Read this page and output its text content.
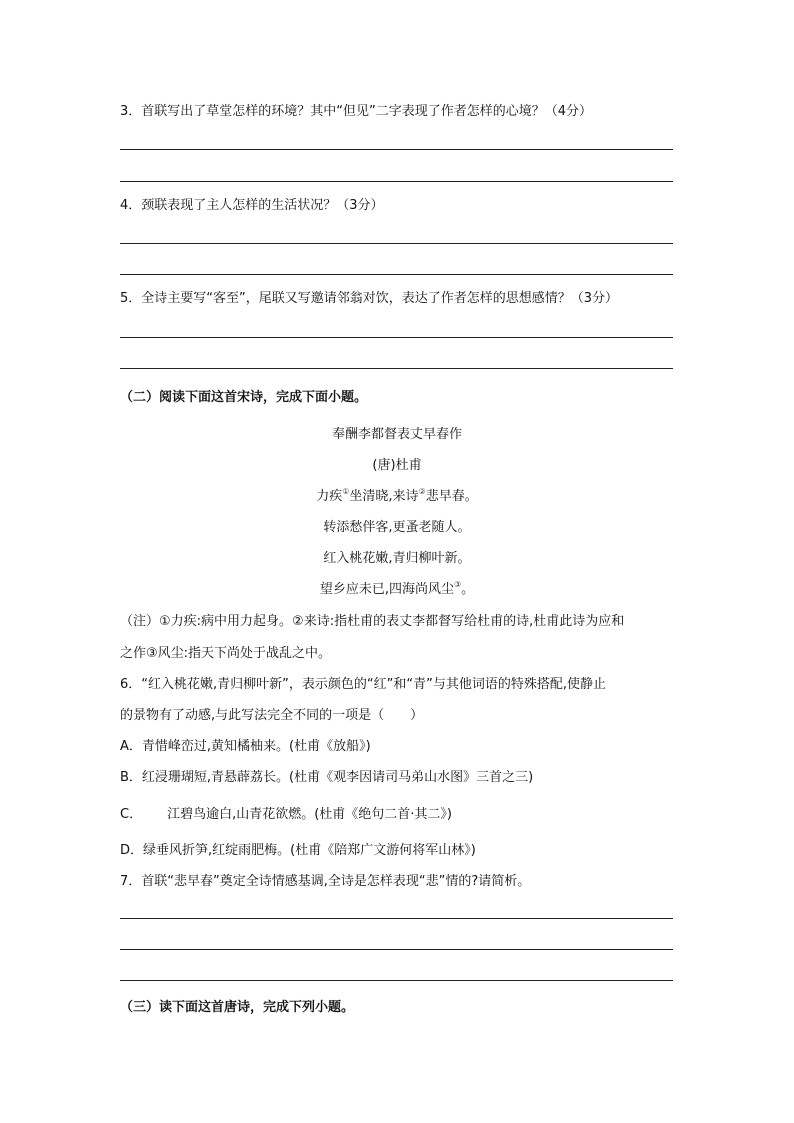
3．首联写出了草堂怎样的环境？其中“但见”二字表现了作者怎样的心境？（4分）
4．颈联表现了主人怎样的生活状况？（3分）
5．全诗主要写“客至”，尾联又写邀请邻翁对饮，表达了作者怎样的思想感情？（3分）
（二）阅读下面这首宋诗，完成下面小题。
奉酬李都督表丈早春作
(唐)杜甫
力疾①坐清晓,来诗②悲早春。
转添愁伴客,更蚤老随人。
红入桃花嫩,青归柳叶新。
望乡应未已,四海尚风尘③。
（注）①力疾:病中用力起身。②来诗:指杜甫的表丈李都督写给杜甫的诗,杜甫此诗为应和
之作③风尘:指天下尚处于战乱之中。
6．“红入桃花嫩,青归柳叶新”，表示颜色的“红”和“青”与其他词语的特殊搭配,使静止
的景物有了动感,与此写法完全不同的一项是（　　）
A．青惜峰峦过,黄知橘柚来。(杜甫《放船》)
B．红浸珊瑚短,青悬薜荔长。(杜甫《观李因请司马弟山水图》三首之三)
C． 江碧鸟逾白,山青花欲燃。(杜甫《绝句二首·其二》)
D．绿垂风折笋,红绽雨肥梅。(杜甫《陪郑广文游何将军山林》)
7．首联“悲早春”奠定全诗情感基调,全诗是怎样表现“悲”情的?请简析。
（三）读下面这首唐诗，完成下列小题。
